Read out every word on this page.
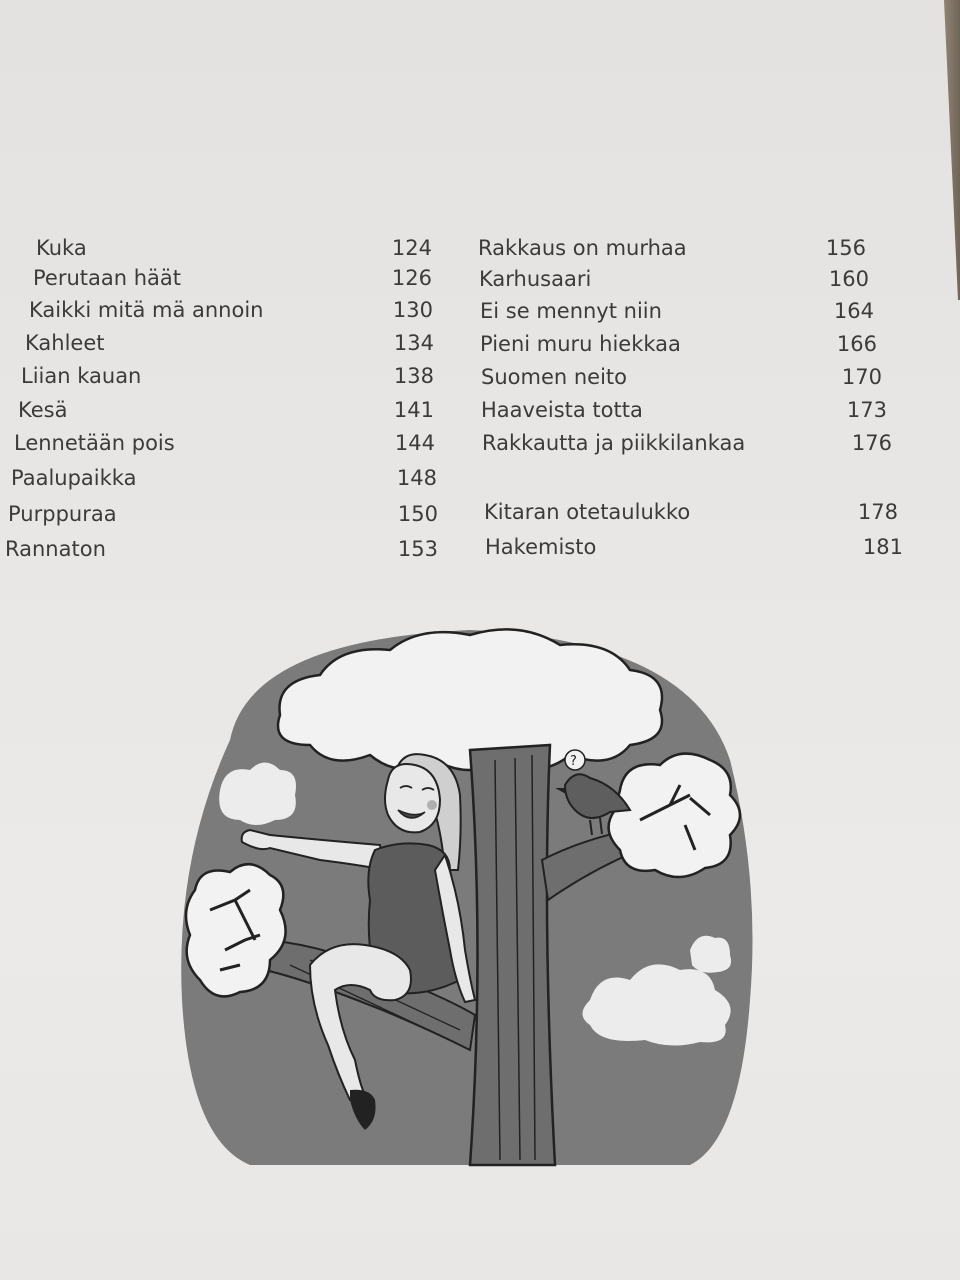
Kuka	124
Perutaan häät	126
Kaikki mitä mä annoin	130
Kahleet	134
Liian kauan	138
Kesä	141
Lennetään pois	144
Paalupaikka	148
Purppuraa	150
Rannaton	153
Rakkaus on murhaa	156
Karhusaari	160
Ei se mennyt niin	164
Pieni muru hiekkaa	166
Suomen neito	170
Haaveista totta	173
Rakkautta ja piikkilankaa	176
Kitaran otetaulukko	178
Hakemisto	181
?
